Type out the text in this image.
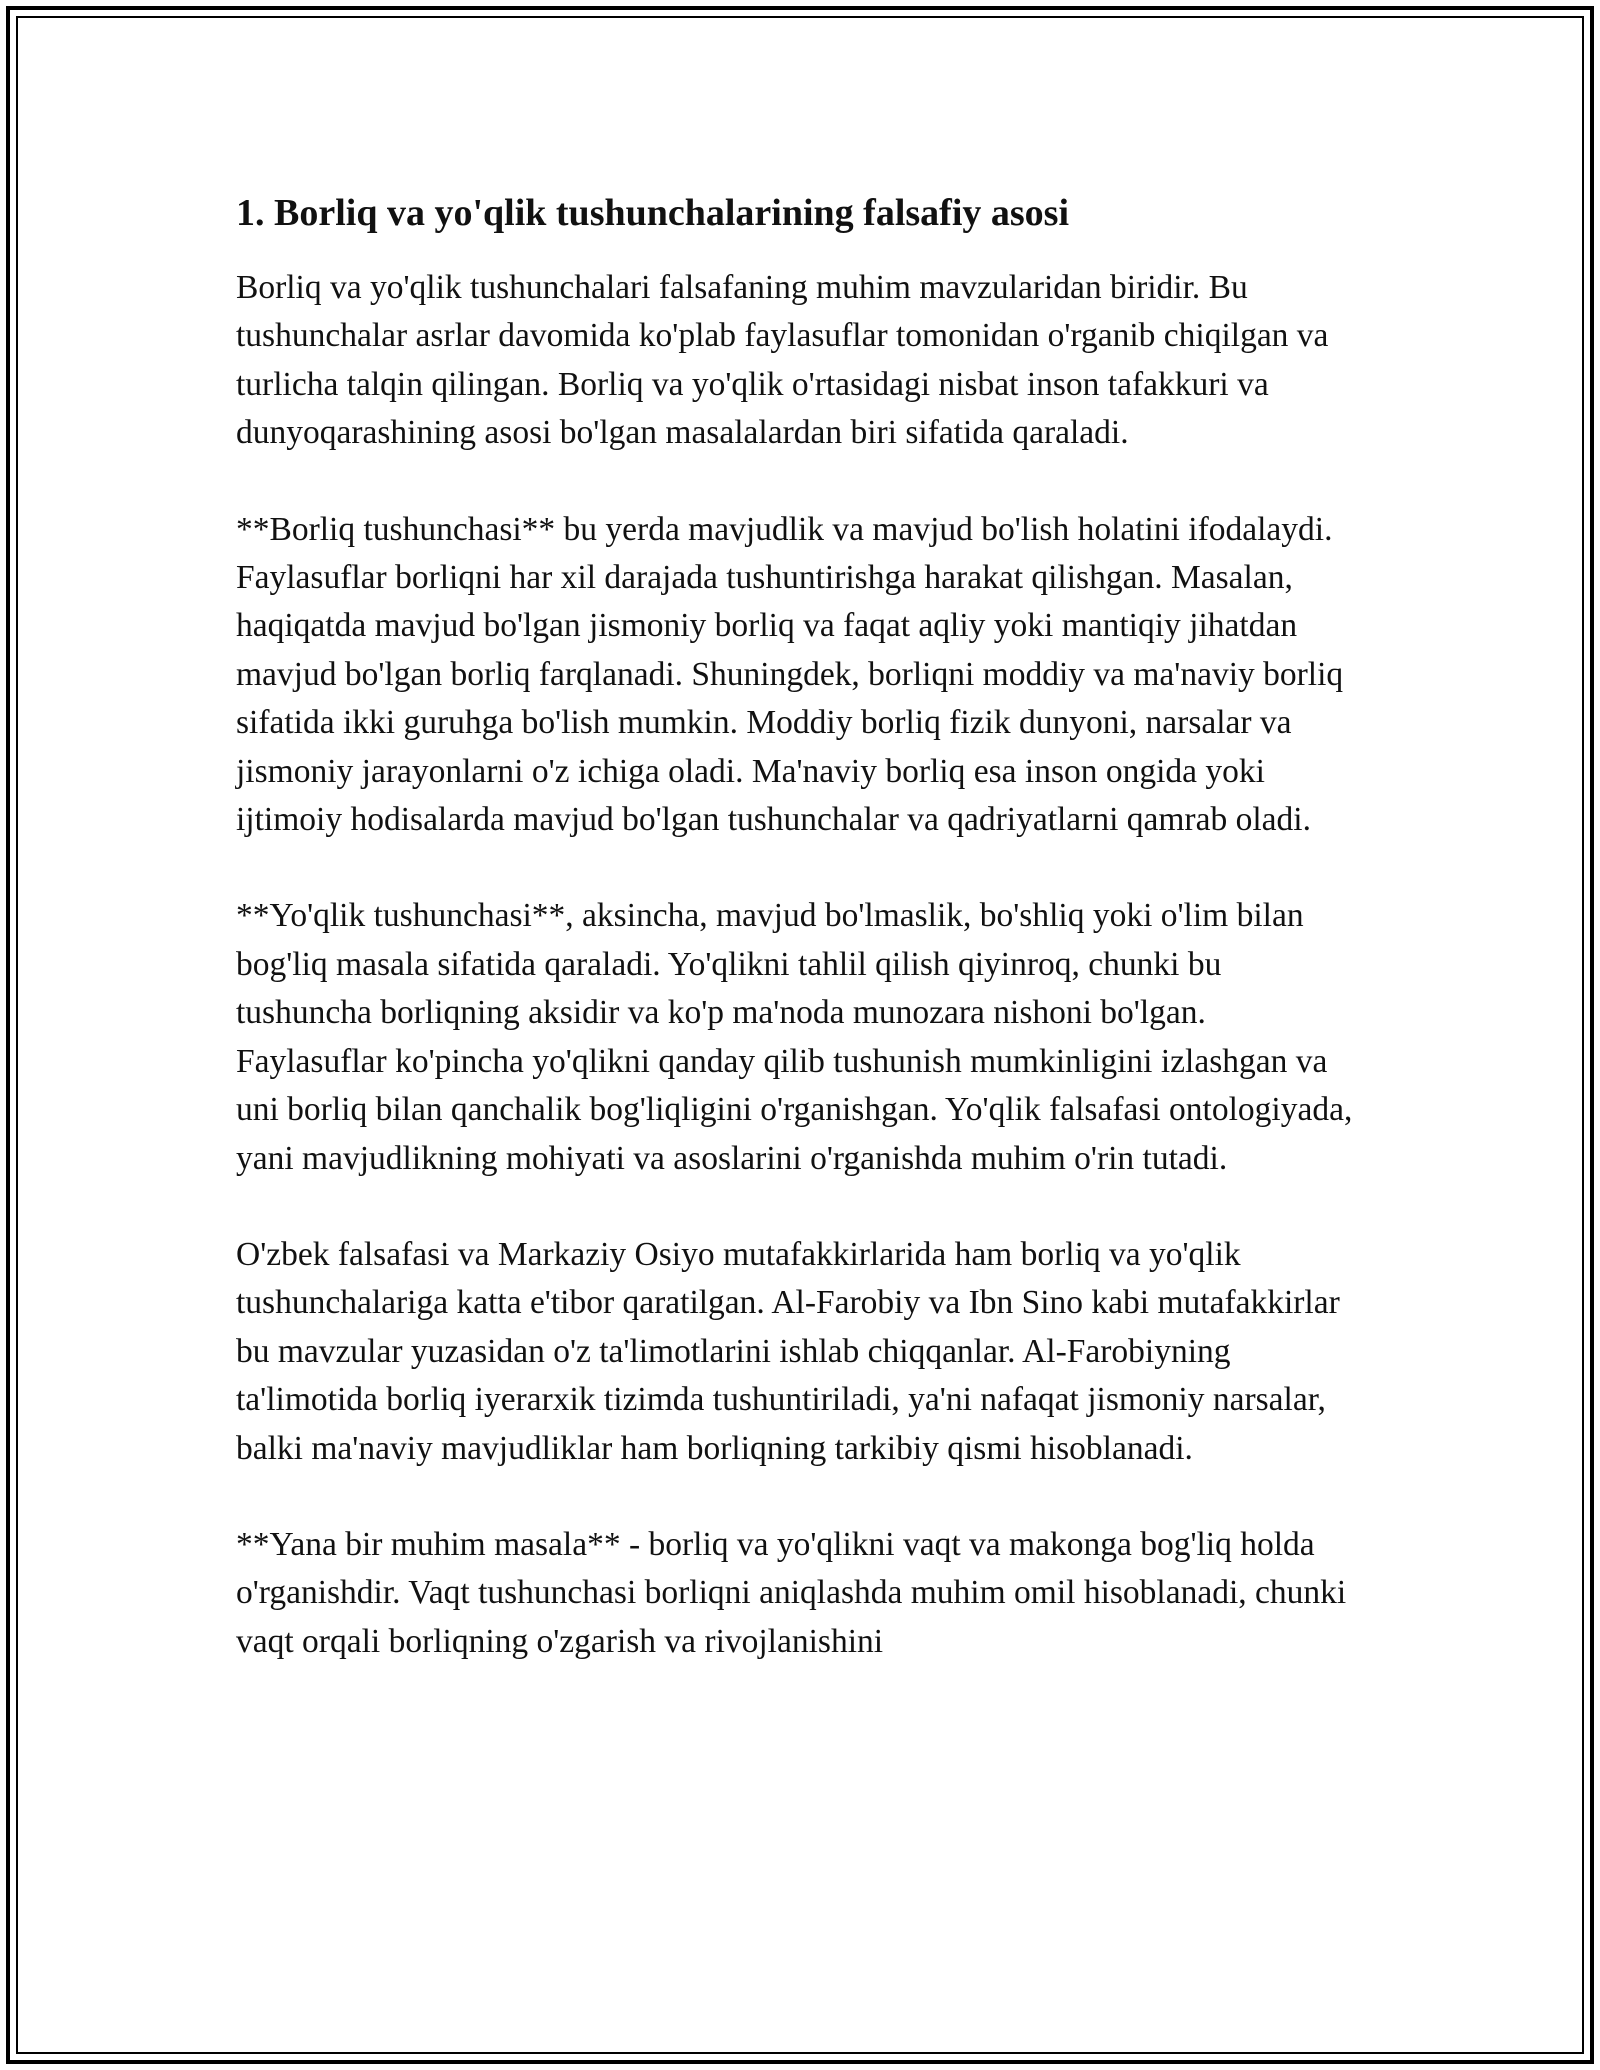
1. Borliq va yo'qlik tushunchalarining falsafiy asosi

Borliq va yo'qlik tushunchalari falsafaning muhim mavzularidan biridir. Bu tushunchalar asrlar davomida ko'plab faylasuflar tomonidan o'rganib chiqilgan va turlicha talqin qilingan. Borliq va yo'qlik o'rtasidagi nisbat inson tafakkuri va dunyoqarashining asosi bo'lgan masalalardan biri sifatida qaraladi.

**Borliq tushunchasi** bu yerda mavjudlik va mavjud bo'lish holatini ifodalaydi. Faylasuflar borliqni har xil darajada tushuntirishga harakat qilishgan. Masalan, haqiqatda mavjud bo'lgan jismoniy borliq va faqat aqliy yoki mantiqiy jihatdan mavjud bo'lgan borliq farqlanadi. Shuningdek, borliqni moddiy va ma'naviy borliq sifatida ikki guruhga bo'lish mumkin. Moddiy borliq fizik dunyoni, narsalar va jismoniy jarayonlarni o'z ichiga oladi. Ma'naviy borliq esa inson ongida yoki ijtimoiy hodisalarda mavjud bo'lgan tushunchalar va qadriyatlarni qamrab oladi.

**Yo'qlik tushunchasi**, aksincha, mavjud bo'lmaslik, bo'shliq yoki o'lim bilan bog'liq masala sifatida qaraladi. Yo'qlikni tahlil qilish qiyinroq, chunki bu tushuncha borliqning aksidir va ko'p ma'noda munozara nishoni bo'lgan. Faylasuflar ko'pincha yo'qlikni qanday qilib tushunish mumkinligini izlashgan va uni borliq bilan qanchalik bog'liqligini o'rganishgan. Yo'qlik falsafasi ontologiyada, yani mavjudlikning mohiyati va asoslarini o'rganishda muhim o'rin tutadi.

O'zbek falsafasi va Markaziy Osiyo mutafakkirlarida ham borliq va yo'qlik tushunchalariga katta e'tibor qaratilgan. Al-Farobiy va Ibn Sino kabi mutafakkirlar bu mavzular yuzasidan o'z ta'limotlarini ishlab chiqqanlar. Al-Farobiyning ta'limotida borliq iyerarxik tizimda tushuntiriladi, ya'ni nafaqat jismoniy narsalar, balki ma'naviy mavjudliklar ham borliqning tarkibiy qismi hisoblanadi.

**Yana bir muhim masala** - borliq va yo'qlikni vaqt va makonga bog'liq holda o'rganishdir. Vaqt tushunchasi borliqni aniqlashda muhim omil hisoblanadi, chunki vaqt orqali borliqning o'zgarish va rivojlanishini
